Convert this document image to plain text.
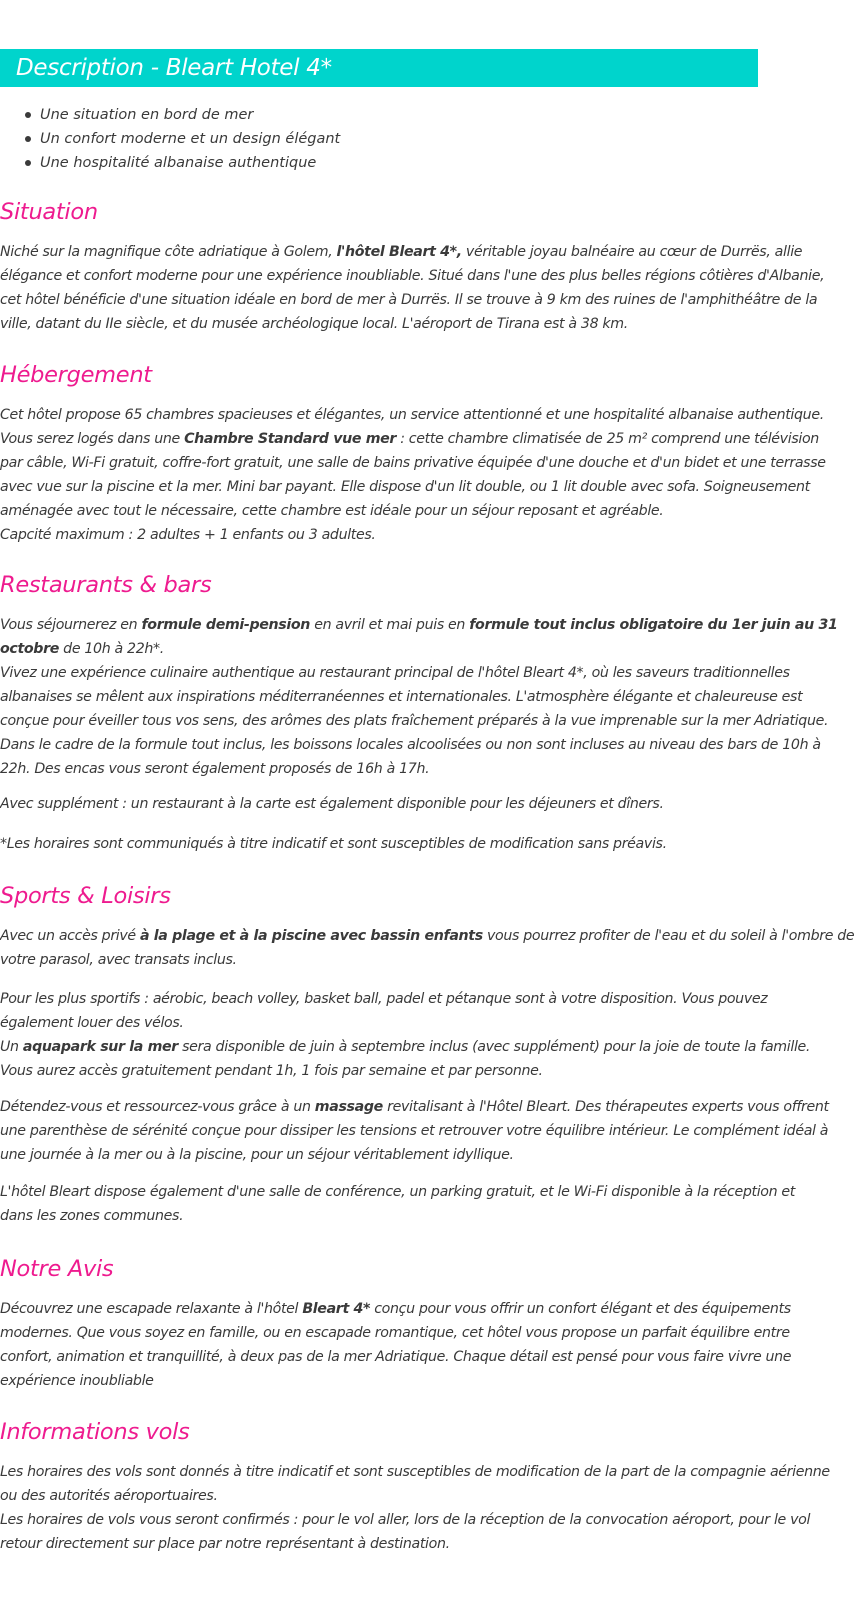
Description - Bleart Hotel 4*
Une situation en bord de mer
Un confort moderne et un design élégant
Une hospitalité albanaise authentique
Situation
Niché sur la magnifique côte adriatique à Golem, l'hôtel Bleart 4*, véritable joyau balnéaire au cœur de Durrës, allie
élégance et confort moderne pour une expérience inoubliable. Situé dans l'une des plus belles régions côtières d'Albanie,
cet hôtel bénéficie d'une situation idéale en bord de mer à Durrës. Il se trouve à 9 km des ruines de l'amphithéâtre de la
ville, datant du IIe siècle, et du musée archéologique local. L'aéroport de Tirana est à 38 km.
Hébergement
Cet hôtel propose 65 chambres spacieuses et élégantes, un service attentionné et une hospitalité albanaise authentique.
Vous serez logés dans une Chambre Standard vue mer : cette chambre climatisée de 25 m² comprend une télévision
par câble, Wi-Fi gratuit, coffre-fort gratuit, une salle de bains privative équipée d'une douche et d'un bidet et une terrasse
avec vue sur la piscine et la mer. Mini bar payant. Elle dispose d'un lit double, ou 1 lit double avec sofa. Soigneusement
aménagée avec tout le nécessaire, cette chambre est idéale pour un séjour reposant et agréable.
Capcité maximum : 2 adultes + 1 enfants ou 3 adultes.
Restaurants & bars
Vous séjournerez en formule demi-pension en avril et mai puis en formule tout inclus obligatoire du 1er juin au 31
octobre de 10h à 22h*.
Vivez une expérience culinaire authentique au restaurant principal de l'hôtel Bleart 4*, où les saveurs traditionnelles
albanaises se mêlent aux inspirations méditerranéennes et internationales. L'atmosphère élégante et chaleureuse est
conçue pour éveiller tous vos sens, des arômes des plats fraîchement préparés à la vue imprenable sur la mer Adriatique.
Dans le cadre de la formule tout inclus, les boissons locales alcoolisées ou non sont incluses au niveau des bars de 10h à
22h. Des encas vous seront également proposés de 16h à 17h.

Avec supplément : un restaurant à la carte est également disponible pour les déjeuners et dîners.

*Les horaires sont communiqués à titre indicatif et sont susceptibles de modification sans préavis.

Sports & Loisirs
Avec un accès privé à la plage et à la piscine avec bassin enfants vous pourrez profiter de l'eau et du soleil à l'ombre de
votre parasol, avec transats inclus.
Pour les plus sportifs : aérobic, beach volley, basket ball, padel et pétanque sont à votre disposition. Vous pouvez
également louer des vélos.
Un aquapark sur la mer sera disponible de juin à septembre inclus (avec supplément) pour la joie de toute la famille.
Vous aurez accès gratuitement pendant 1h, 1 fois par semaine et par personne.
Détendez-vous et ressourcez-vous grâce à un massage revitalisant à l'Hôtel Bleart. Des thérapeutes experts vous offrent
une parenthèse de sérénité conçue pour dissiper les tensions et retrouver votre équilibre intérieur. Le complément idéal à
une journée à la mer ou à la piscine, pour un séjour véritablement idyllique.
L'hôtel Bleart dispose également d'une salle de conférence, un parking gratuit, et le Wi-Fi disponible à la réception et
dans les zones communes.
Notre Avis
Découvrez une escapade relaxante à l'hôtel Bleart 4* conçu pour vous offrir un confort élégant et des équipements
modernes. Que vous soyez en famille, ou en escapade romantique, cet hôtel vous propose un parfait équilibre entre
confort, animation et tranquillité, à deux pas de la mer Adriatique. Chaque détail est pensé pour vous faire vivre une
expérience inoubliable
Informations vols
Les horaires des vols sont donnés à titre indicatif et sont susceptibles de modification de la part de la compagnie aérienne
ou des autorités aéroportuaires.
Les horaires de vols vous seront confirmés : pour le vol aller, lors de la réception de la convocation aéroport, pour le vol
retour directement sur place par notre représentant à destination.
